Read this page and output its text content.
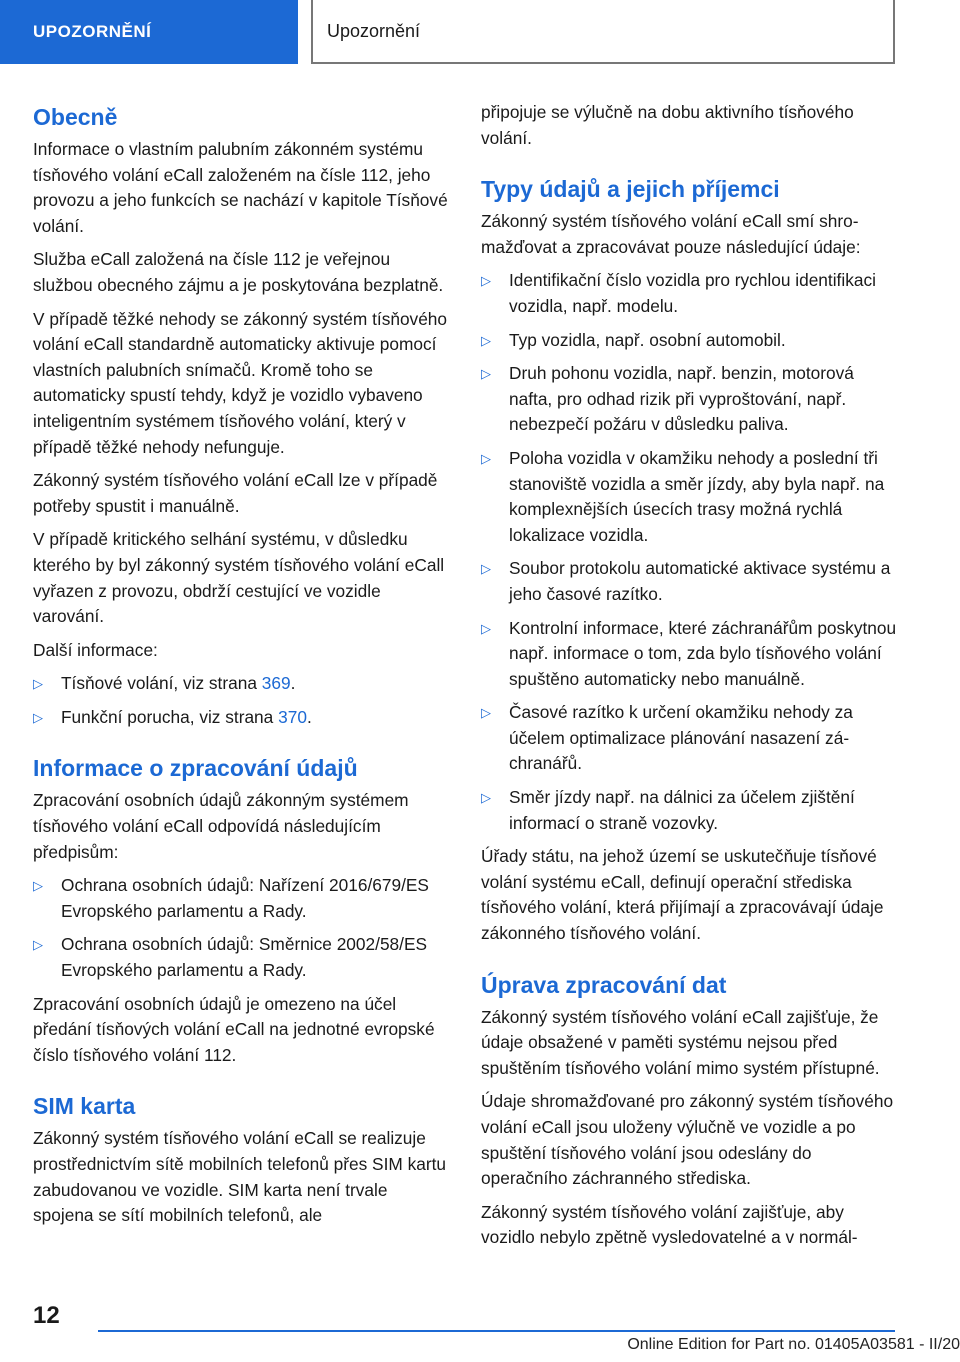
UPOZORNĚNÍ	Upozornění
Obecně

Informace o vlastním palubním zákonném systému tísňového volání eCall založeném na čísle 112, jeho provozu a jeho funkcích se nachází v kapitole Tísňové volání.

Služba eCall založená na čísle 112 je veřejnou službou obecného zájmu a je poskytována bezplatně.

V případě těžké nehody se zákonný systém tísňového volání eCall standardně automaticky aktivuje pomocí vlastních palubních snímačů. Kromě toho se automaticky spustí tehdy, když je vozidlo vybaveno inteligentním systémem tísňového volání, který v případě těžké nehody nefunguje.

Zákonný systém tísňového volání eCall lze v případě potřeby spustit i manuálně.

V případě kritického selhání systému, v důsledku kterého by byl zákonný systém tísňového volání eCall vyřazen z provozu, obdrží cestující ve vozidle varování.

Další informace:

▷ Tísňové volání, viz strana 369.
▷ Funkční porucha, viz strana 370.
Informace o zpracování údajů

Zpracování osobních údajů zákonným systémem tísňového volání eCall odpovídá následujícím předpisům:

▷ Ochrana osobních údajů: Nařízení 2016/679/ES Evropského parlamentu a Rady.
▷ Ochrana osobních údajů: Směrnice 2002/58/ES Evropského parlamentu a Rady.

Zpracování osobních údajů je omezeno na účel předání tísňových volání eCall na jednotné evropské číslo tísňového volání 112.

SIM karta

Zákonný systém tísňového volání eCall se realizuje prostřednictvím sítě mobilních telefonů přes SIM kartu zabudovanou ve vozidle. SIM karta není trvale spojena se sítí mobilních telefonů, ale

připojuje se výlučně na dobu aktivního tísňového volání.

Typy údajů a jejich příjemci

Zákonný systém tísňového volání eCall smí shromažďovat a zpracovávat pouze následující údaje:

▷ Identifikační číslo vozidla pro rychlou identifikaci vozidla, např. modelu.
▷ Typ vozidla, např. osobní automobil.
▷ Druh pohonu vozidla, např. benzin, motorová nafta, pro odhad rizik při vyproštování, např. nebezpečí požáru v důsledku paliva.
▷ Poloha vozidla v okamžiku nehody a poslední tři stanoviště vozidla a směr jízdy, aby byla např. na komplexnějších úsecích trasy možná rychlá lokalizace vozidla.
▷ Soubor protokolu automatické aktivace systému a jeho časové razítko.
▷ Kontrolní informace, které záchranářům poskytnou např. informace o tom, zda bylo tísňového volání spuštěno automaticky nebo manuálně.
▷ Časové razítko k určení okamžiku nehody za účelem optimalizace plánování nasazení záchranářů.
▷ Směr jízdy např. na dálnici za účelem zjištění informací o straně vozovky.

Úřady státu, na jehož území se uskutečňuje tísňové volání systému eCall, definují operační střediska tísňového volání, která přijímají a zpracovávají údaje zákonného tísňového volání.

Úprava zpracování dat

Zákonný systém tísňového volání eCall zajišťuje, že údaje obsažené v paměti systému nejsou před spuštěním tísňového volání mimo systém přístupné.

Údaje shromažďované pro zákonný systém tísňového volání eCall jsou uloženy výlučně ve vozidle a po spuštění tísňového volání jsou odeslány do operačního záchranného střediska.

Zákonný systém tísňového volání zajišťuje, aby vozidlo nebylo zpětně vysledovatelné a v normál-

12
Online Edition for Part no. 01405A03581 - II/20
